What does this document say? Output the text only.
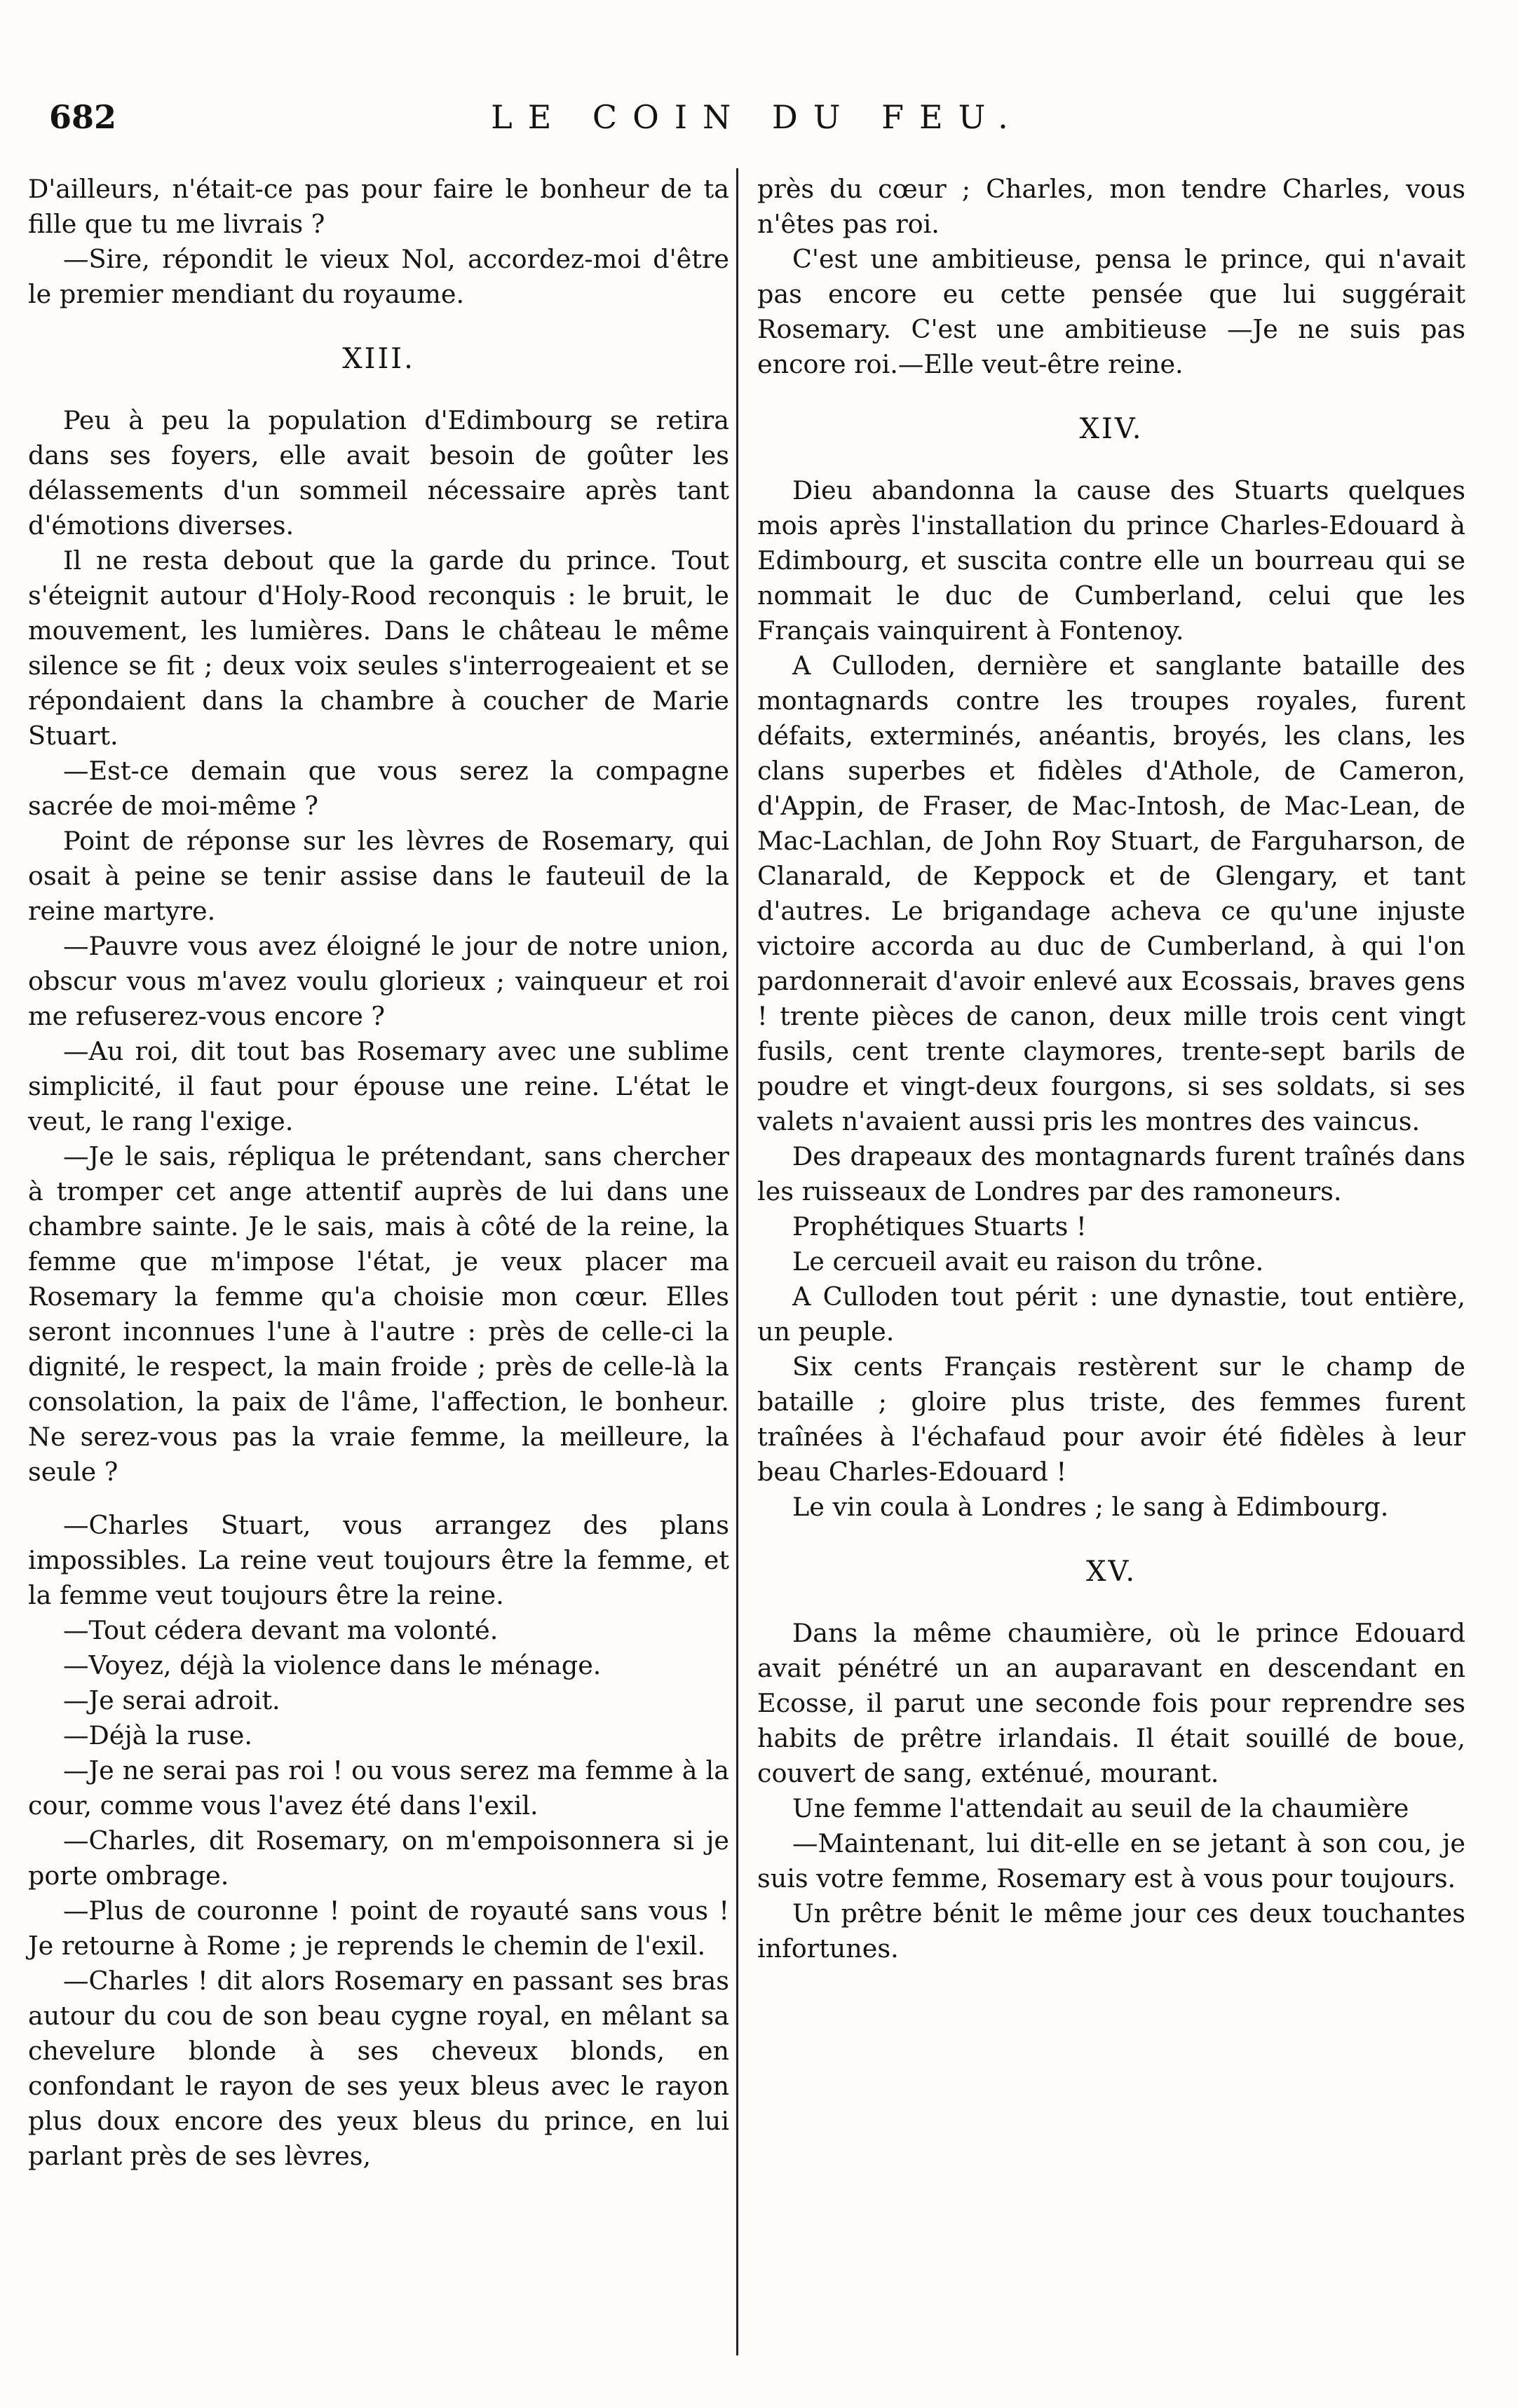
682	LE COIN DU FEU.

D'ailleurs, n'était-ce pas pour faire le bonheur de ta fille que tu me livrais ?

—Sire, répondit le vieux Nol, accordez-moi d'être le premier mendiant du royaume.

XIII.

Peu à peu la population d'Edimbourg se retira dans ses foyers, elle avait besoin de goûter les délassements d'un sommeil nécessaire après tant d'émotions diverses.

Il ne resta debout que la garde du prince. Tout s'éteignit autour d'Holy-Rood reconquis : le bruit, le mouvement, les lumières. Dans le château le même silence se fit ; deux voix seules s'interrogeaient et se répondaient dans la chambre à coucher de Marie Stuart.

—Est-ce demain que vous serez la compagne sacrée de moi-même ?

Point de réponse sur les lèvres de Rosemary, qui osait à peine se tenir assise dans le fauteuil de la reine martyre.

—Pauvre vous avez éloigné le jour de notre union, obscur vous m'avez voulu glorieux ; vainqueur et roi me refuserez-vous encore ?

—Au roi, dit tout bas Rosemary avec une sublime simplicité, il faut pour épouse une reine. L'état le veut, le rang l'exige.

—Je le sais, répliqua le prétendant, sans chercher à tromper cet ange attentif auprès de lui dans une chambre sainte. Je le sais, mais à côté de la reine, la femme que m'impose l'état, je veux placer ma Rosemary la femme qu'a choisie mon cœur. Elles seront inconnues l'une à l'autre : près de celle-ci la dignité, le respect, la main froide ; près de celle-là la consolation, la paix de l'âme, l'affection, le bonheur. Ne serez-vous pas la vraie femme, la meilleure, la seule ?

—Charles Stuart, vous arrangez des plans impossibles. La reine veut toujours être la femme, et la femme veut toujours être la reine.

—Tout cédera devant ma volonté.

—Voyez, déjà la violence dans le ménage.

—Je serai adroit.

—Déjà la ruse.

—Je ne serai pas roi ! ou vous serez ma femme à la cour, comme vous l'avez été dans l'exil.

—Charles, dit Rosemary, on m'empoisonnera si je porte ombrage.

—Plus de couronne ! point de royauté sans vous ! Je retourne à Rome ; je reprends le chemin de l'exil.

—Charles ! dit alors Rosemary en passant ses bras autour du cou de son beau cygne royal, en mêlant sa chevelure blonde à ses cheveux blonds, en confondant le rayon de ses yeux bleus avec le rayon plus doux encore des yeux bleus du prince, en lui parlant près de ses lèvres,

près du cœur ; Charles, mon tendre Charles, vous n'êtes pas roi.

C'est une ambitieuse, pensa le prince, qui n'avait pas encore eu cette pensée que lui suggérait Rosemary. C'est une ambitieuse —Je ne suis pas encore roi.—Elle veut-être reine.

XIV.

Dieu abandonna la cause des Stuarts quelques mois après l'installation du prince Charles-Edouard à Edimbourg, et suscita contre elle un bourreau qui se nommait le duc de Cumberland, celui que les Français vainquirent à Fontenoy.

A Culloden, dernière et sanglante bataille des montagnards contre les troupes royales, furent défaits, exterminés, anéantis, broyés, les clans, les clans superbes et fidèles d'Athole, de Cameron, d'Appin, de Fraser, de Mac-Intosh, de Mac-Lean, de Mac-Lachlan, de John Roy Stuart, de Farguharson, de Clanarald, de Keppock et de Glengary, et tant d'autres. Le brigandage acheva ce qu'une injuste victoire accorda au duc de Cumberland, à qui l'on pardonnerait d'avoir enlevé aux Ecossais, braves gens ! trente pièces de canon, deux mille trois cent vingt fusils, cent trente claymores, trente-sept barils de poudre et vingt-deux fourgons, si ses soldats, si ses valets n'avaient aussi pris les montres des vaincus.

Des drapeaux des montagnards furent traînés dans les ruisseaux de Londres par des ramoneurs.

Prophétiques Stuarts !

Le cercueil avait eu raison du trône.

A Culloden tout périt : une dynastie, tout entière, un peuple.

Six cents Français restèrent sur le champ de bataille ; gloire plus triste, des femmes furent traînées à l'échafaud pour avoir été fidèles à leur beau Charles-Edouard !

Le vin coula à Londres ; le sang à Edimbourg.

XV.

Dans la même chaumière, où le prince Edouard avait pénétré un an auparavant en descendant en Ecosse, il parut une seconde fois pour reprendre ses habits de prêtre irlandais. Il était souillé de boue, couvert de sang, exténué, mourant.

Une femme l'attendait au seuil de la chaumière

—Maintenant, lui dit-elle en se jetant à son cou, je suis votre femme, Rosemary est à vous pour toujours.

Un prêtre bénit le même jour ces deux touchantes infortunes.
